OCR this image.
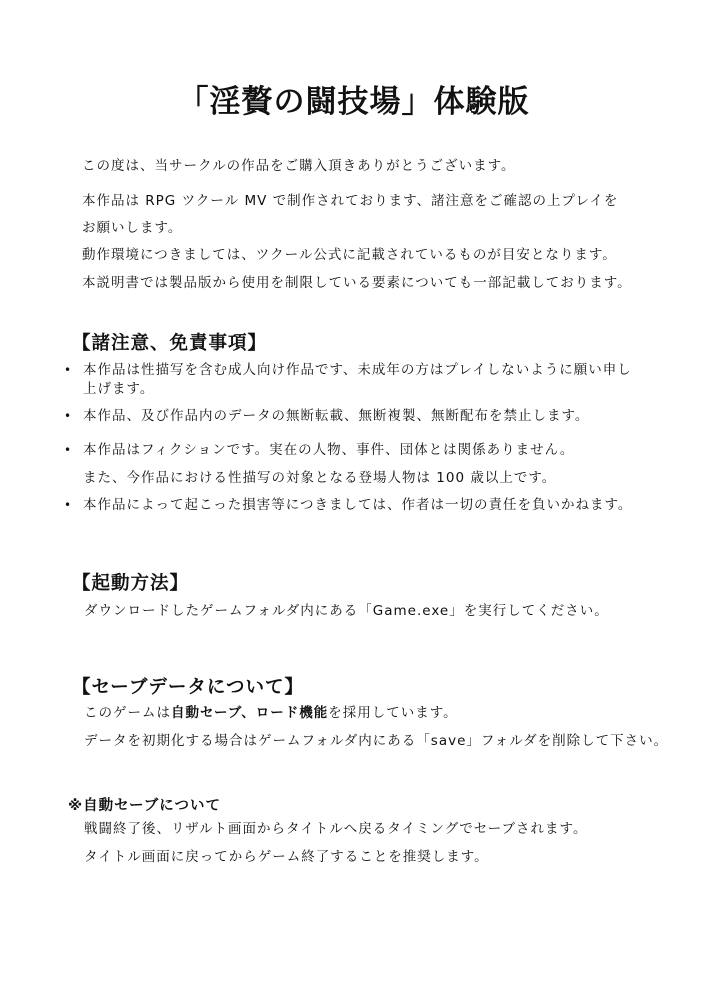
「淫贅の闘技場」体験版
この度は、当サークルの作品をご購入頂きありがとうございます。
本作品は RPG ツクール MV で制作されております、諸注意をご確認の上プレイを
お願いします。
動作環境につきましては、ツクール公式に記載されているものが目安となります。
本説明書では製品版から使用を制限している要素についても一部記載しております。
【諸注意、免責事項】
• 本作品は性描写を含む成人向け作品です、未成年の方はプレイしないように願い申し上げます。
• 本作品、及び作品内のデータの無断転載、無断複製、無断配布を禁止します。
• 本作品はフィクションです。実在の人物、事件、団体とは関係ありません。
また、今作品における性描写の対象となる登場人物は 100 歳以上です。
• 本作品によって起こった損害等につきましては、作者は一切の責任を負いかねます。
【起動方法】
ダウンロードしたゲームフォルダ内にある「Game.exe」を実行してください。
【セーブデータについて】
このゲームは自動セーブ、ロード機能を採用しています。
データを初期化する場合はゲームフォルダ内にある「save」フォルダを削除して下さい。
※自動セーブについて
戦闘終了後、リザルト画面からタイトルへ戻るタイミングでセーブされます。
タイトル画面に戻ってからゲーム終了することを推奨します。
